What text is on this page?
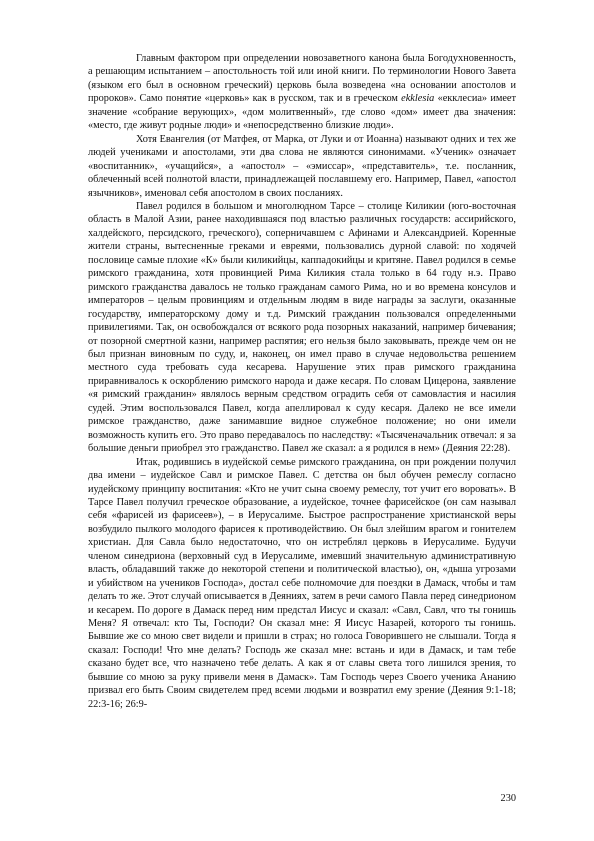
Главным фактором при определении новозаветного канона была Богодухновенность, а решающим испытанием – апостольность той или иной книги. По терминологии Нового Завета (языком его был в основном греческий) церковь была возведена «на основании апостолов и пророков». Само понятие «церковь» как в русском, так и в греческом ekklesia «екклесиа» имеет значение «собрание верующих», «дом молитвенный», где слово «дом» имеет два значения: «место, где живут родные люди» и «непосредственно близкие люди».

Хотя Евангелия (от Матфея, от Марка, от Луки и от Иоанна) называют одних и тех же людей учениками и апостолами, эти два слова не являются синонимами. «Ученик» означает «воспитанник», «учащийся», а «апостол» – «эмиссар», «представитель», т.е. посланник, облеченный всей полнотой власти, принадлежащей пославшему его. Например, Павел, «апостол язычников», именовал себя апостолом в своих посланиях.

Павел родился в большом и многолюдном Тарсе – столице Киликии (юго-восточная область в Малой Азии, ранее находившаяся под властью различных государств: ассирийского, халдейского, персидского, греческого), соперничавшем с Афинами и Александрией. Коренные жители страны, вытесненные греками и евреями, пользовались дурной славой: по ходячей пословице самые плохие «К» были киликийцы, каппадокийцы и критяне. Павел родился в семье римского гражданина, хотя провинцией Рима Киликия стала только в 64 году н.э. Право римского гражданства давалось не только гражданам самого Рима, но и во времена консулов и императоров – целым провинциям и отдельным людям в виде награды за заслуги, оказанные государству, императорскому дому и т.д. Римский гражданин пользовался определенными привилегиями. Так, он освобождался от всякого рода позорных наказаний, например бичевания; от позорной смертной казни, например распятия; его нельзя было заковывать, прежде чем он не был признан виновным по суду, и, наконец, он имел право в случае недовольства решением местного суда требовать суда кесарева. Нарушение этих прав римского гражданина приравнивалось к оскорблению римского народа и даже кесаря. По словам Цицерона, заявление «я римский гражданин» являлось верным средством оградить себя от самовластия и насилия судей. Этим воспользовался Павел, когда апеллировал к суду кесаря. Далеко не все имели римское гражданство, даже занимавшие видное служебное положение; но они имели возможность купить его. Это право передавалось по наследству: «Тысяченачальник отвечал: я за большие деньги приобрел это гражданство. Павел же сказал: а я родился в нем» (Деяния 22:28).

Итак, родившись в иудейской семье римского гражданина, он при рождении получил два имени – иудейское Савл и римское Павел. С детства он был обучен ремеслу согласно иудейскому принципу воспитания: «Кто не учит сына своему ремеслу, тот учит его воровать». В Тарсе Павел получил греческое образование, а иудейское, точнее фарисейское (он сам называл себя «фарисей из фарисеев»), – в Иерусалиме. Быстрое распространение христианской веры возбудило пылкого молодого фарисея к противодействию. Он был злейшим врагом и гонителем христиан. Для Савла было недостаточно, что он истреблял церковь в Иерусалиме. Будучи членом синедриона (верховный суд в Иерусалиме, имевший значительную административную власть, обладавший также до некоторой степени и политической властью), он, «дыша угрозами и убийством на учеников Господа», достал себе полномочие для поездки в Дамаск, чтобы и там делать то же. Этот случай описывается в Деяниях, затем в речи самого Павла перед синедрионом и кесарем. По дороге в Дамаск перед ним предстал Иисус и сказал: «Савл, Савл, что ты гонишь Меня? Я отвечал: кто Ты, Господи? Он сказал мне: Я Иисус Назарей, которого ты гонишь. Бывшие же со мною свет видели и пришли в страх; но голоса Говорившего не слышали. Тогда я сказал: Господи! Что мне делать? Господь же сказал мне: встань и иди в Дамаск, и там тебе сказано будет все, что назначено тебе делать. А как я от славы света того лишился зрения, то бывшие со мною за руку привели меня в Дамаск». Там Господь через Своего ученика Ананию призвал его быть Своим свидетелем пред всеми людьми и возвратил ему зрение (Деяния 9:1-18; 22:3-16; 26:9-

230
